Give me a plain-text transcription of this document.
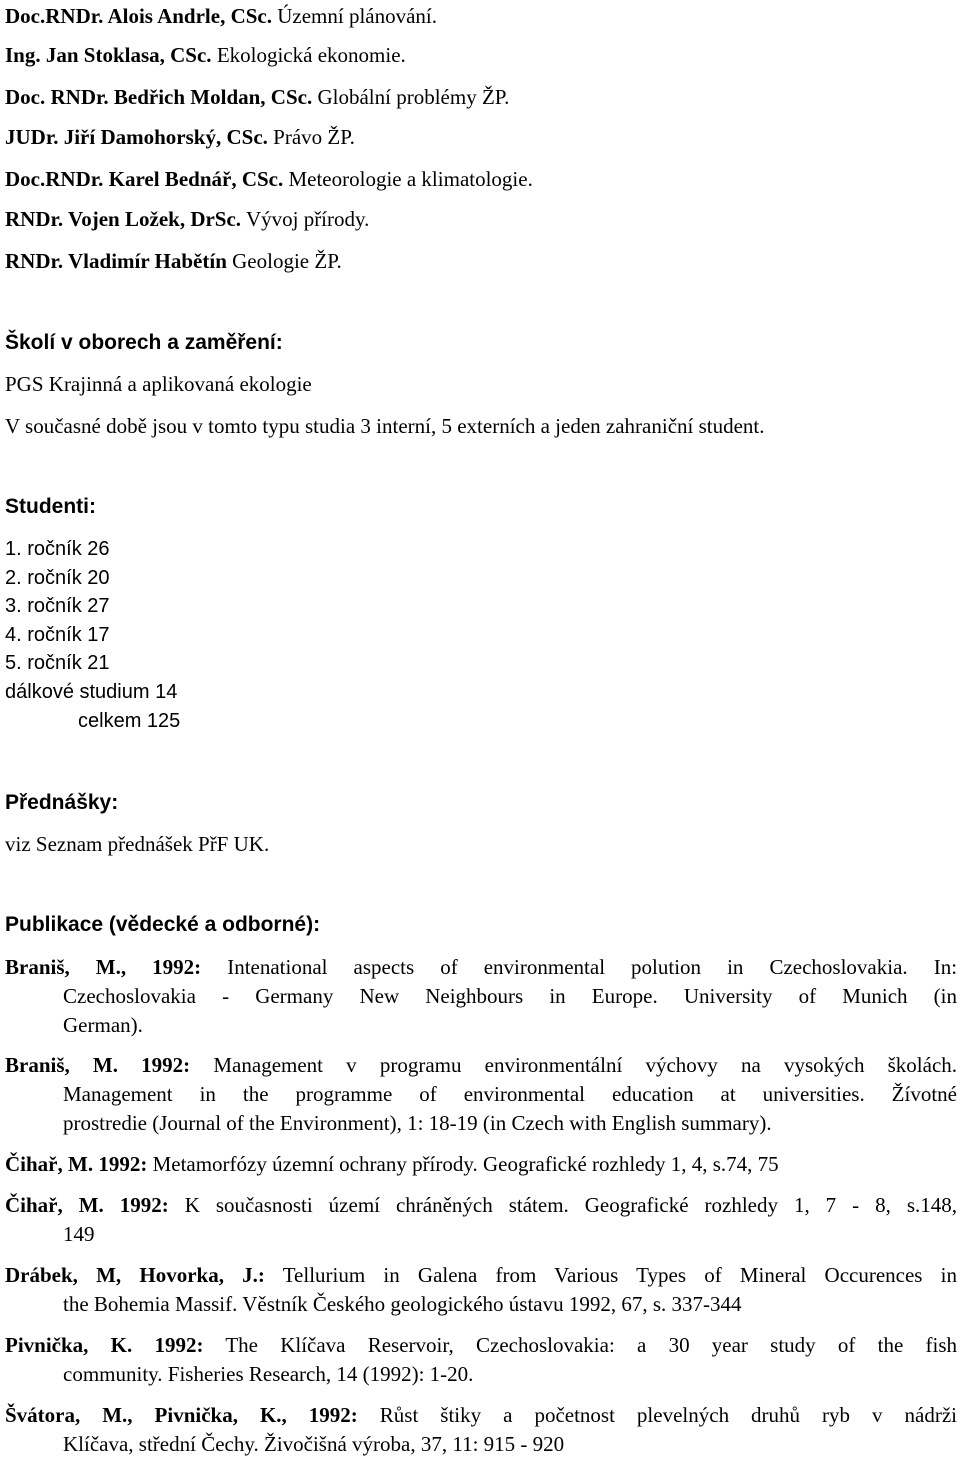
Doc.RNDr. Alois Andrle, CSc. Územní plánování.
Ing. Jan Stoklasa, CSc. Ekologická ekonomie.
Doc. RNDr. Bedřich Moldan, CSc. Globální problémy ŽP.
JUDr. Jiří Damohorský, CSc. Právo ŽP.
Doc.RNDr. Karel Bednář, CSc. Meteorologie a klimatologie.
RNDr. Vojen Ložek, DrSc. Vývoj přírody.
RNDr. Vladimír Habětín Geologie ŽP.
Školí v oborech a zaměření:
PGS Krajinná a aplikovaná ekologie
V současné době jsou v tomto typu studia 3 interní, 5 externích a jeden zahraniční student.
Studenti:
1. ročník 26
2. ročník 20
3. ročník 27
4. ročník 17
5. ročník 21
dálkové studium 14
celkem 125
Přednášky:
viz Seznam přednášek PřF UK.
Publikace (vědecké a odborné):
Braniš, M., 1992: Intenational aspects of environmental polution in Czechoslovakia. In:
Czechoslovakia - Germany New Neighbours in Europe. University of Munich (in
German).
Braniš, M. 1992: Management v programu environmentální výchovy na vysokých školách.
Management in the programme of environmental education at universities. Žívotné
prostredie (Journal of the Environment), 1: 18-19 (in Czech with English summary).
Čihař, M. 1992: Metamorfózy územní ochrany přírody. Geografické rozhledy 1, 4, s.74, 75
Čihař, M. 1992: K současnosti území chráněných státem. Geografické rozhledy 1, 7 - 8, s.148,
149
Drábek, M, Hovorka, J.: Tellurium in Galena from Various Types of Mineral Occurences in
the Bohemia Massif. Věstník Českého geologického ústavu 1992, 67, s. 337-344
Pivnička, K. 1992: The Klíčava Reservoir, Czechoslovakia: a 30 year study of the fish
community. Fisheries Research, 14 (1992): 1-20.
Švátora, M., Pivnička, K., 1992: Růst štiky a početnost plevelných druhů ryb v nádrži
Klíčava, střední Čechy. Živočišná výroba, 37, 11: 915 - 920
